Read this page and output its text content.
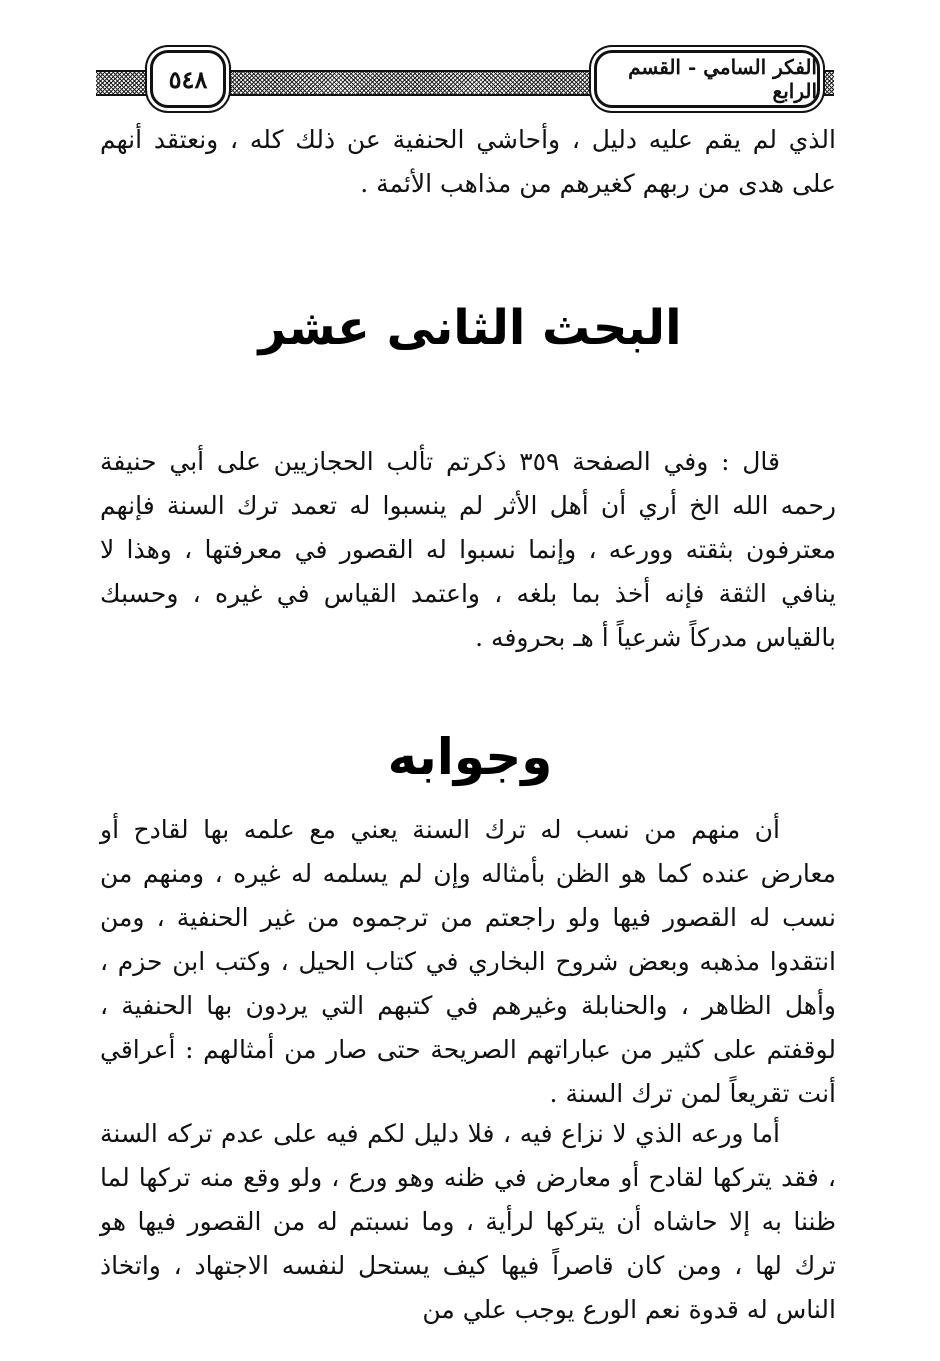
٥٤٨	الفكر السامي - القسم الرابع

الذي لم يقم عليه دليل ، وأحاشي الحنفية عن ذلك كله ، ونعتقد أنهم على هدى من ربهم كغيرهم من مذاهب الأئمة .

البحث الثانى عشر

قال : وفي الصفحة ٣٥٩ ذكرتم تألب الحجازيين على أبي حنيفة رحمه الله الخ أري أن أهل الأثر لم ينسبوا له تعمد ترك السنة فإنهم معترفون بثقته وورعه ، وإنما نسبوا له القصور في معرفتها ، وهذا لا ينافي الثقة فإنه أخذ بما بلغه ، واعتمد القياس في غيره ، وحسبك بالقياس مدركاً شرعياً أ هـ بحروفه .

وجوابه

أن منهم من نسب له ترك السنة يعني مع علمه بها لقادح أو معارض عنده كما هو الظن بأمثاله وإن لم يسلمه له غيره ، ومنهم من نسب له القصور فيها ولو راجعتم من ترجموه من غير الحنفية ، ومن انتقدوا مذهبه وبعض شروح البخاري في كتاب الحيل ، وكتب ابن حزم ، وأهل الظاهر ، والحنابلة وغيرهم في كتبهم التي يردون بها الحنفية ، لوقفتم على كثير من عباراتهم الصريحة حتى صار من أمثالهم : أعراقي أنت تقريعاً لمن ترك السنة .

أما ورعه الذي لا نزاع فيه ، فلا دليل لكم فيه على عدم تركه السنة ، فقد يتركها لقادح أو معارض في ظنه وهو ورع ، ولو وقع منه تركها لما ظننا به إلا حاشاه أن يتركها لرأية ، وما نسبتم له من القصور فيها هو ترك لها ، ومن كان قاصراً فيها كيف يستحل لنفسه الاجتهاد ، واتخاذ الناس له قدوة نعم الورع يوجب علي من
